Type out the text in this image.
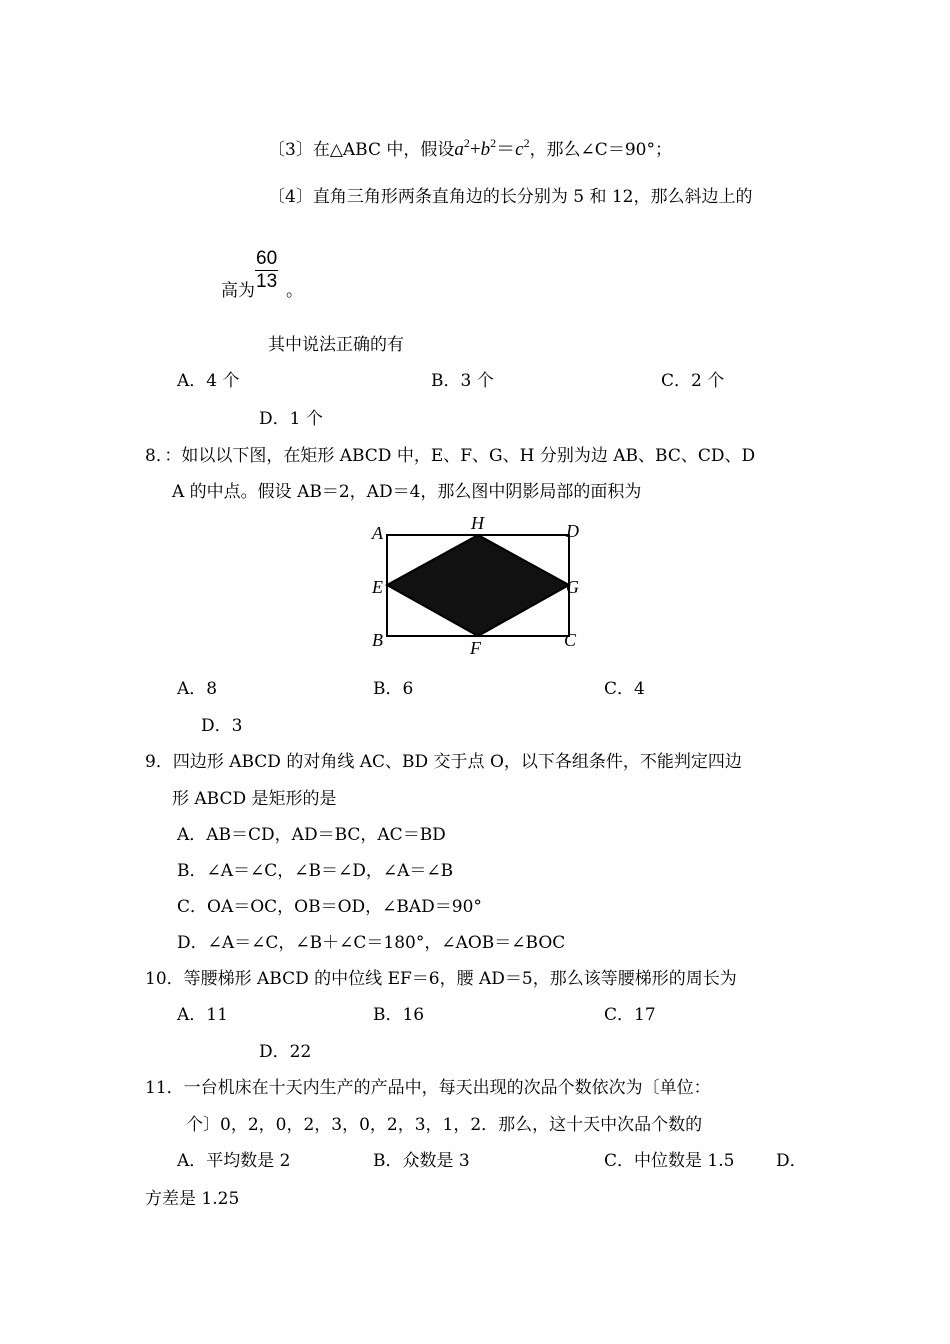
〔3〕在△ABC 中，假设$a^2+b^2=c^2$，那么∠C＝90°；
〔4〕直角三角形两条直角边的长分别为 5 和 12，那么斜边上的
$\frac{60}{13}$
高为 。
其中说法正确的有
A．4 个	B．3 个	C．2 个
D．1 个
8．：如以以下图，在矩形 ABCD 中，E、F、G、H 分别为边 AB、BC、CD、D
A 的中点。假设 AB＝2，AD＝4，那么图中阴影局部的面积为
A	H	D
E	G
B	F	C
A．8	B．6	C．4
D．3
9．四边形 ABCD 的对角线 AC、BD 交于点 O，以下各组条件，不能判定四边
形 ABCD 是矩形的是
A．AB＝CD，AD＝BC，AC＝BD
B．∠A＝∠C，∠B＝∠D，∠A＝∠B
C．OA＝OC，OB＝OD，∠BAD＝90°
D．∠A＝∠C，∠B＋∠C＝180°，∠AOB＝∠BOC
10．等腰梯形 ABCD 的中位线 EF＝6，腰 AD＝5，那么该等腰梯形的周长为
A．11	B．16	C．17
D．22
11．一台机床在十天内生产的产品中，每天出现的次品个数依次为〔单位：
个〕0，2，0，2，3，0，2，3，1，2．那么，这十天中次品个数的
A．平均数是 2	B．众数是 3	C．中位数是 1.5 D．
方差是 1.25
